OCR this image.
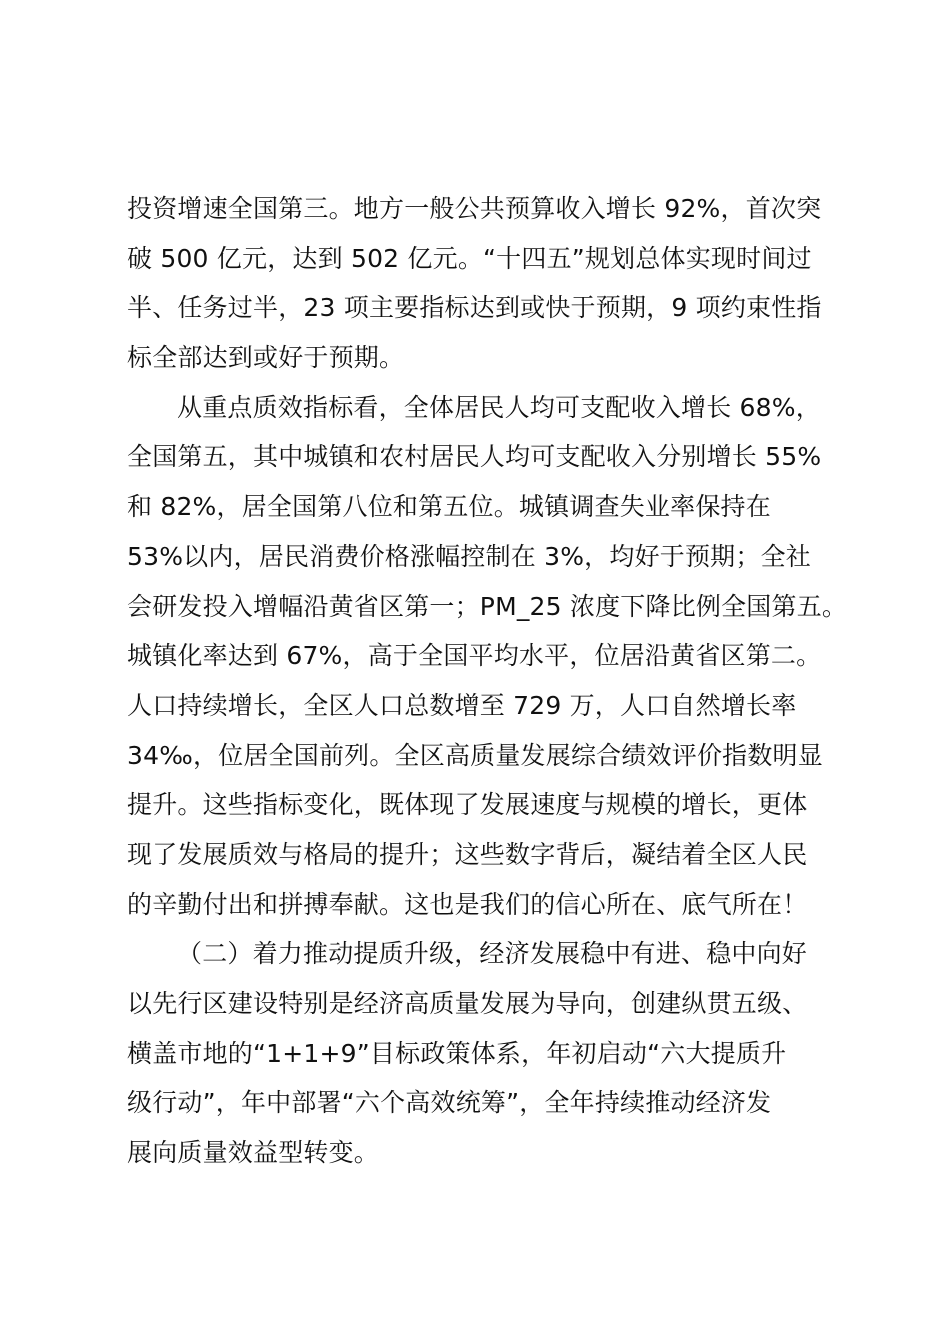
投资增速全国第三。地方一般公共预算收入增长 92%，首次突
破 500 亿元，达到 502 亿元。“十四五”规划总体实现时间过
半、任务过半，23 项主要指标达到或快于预期，9 项约束性指
标全部达到或好于预期。
从重点质效指标看，全体居民人均可支配收入增长 68%，
全国第五，其中城镇和农村居民人均可支配收入分别增长 55%
和 82%，居全国第八位和第五位。城镇调查失业率保持在
53%以内，居民消费价格涨幅控制在 3%，均好于预期；全社
会研发投入增幅沿黄省区第一；PM_25 浓度下降比例全国第五。
城镇化率达到 67%，高于全国平均水平，位居沿黄省区第二。
人口持续增长，全区人口总数增至 729 万，人口自然增长率
34‰，位居全国前列。全区高质量发展综合绩效评价指数明显
提升。这些指标变化，既体现了发展速度与规模的增长，更体
现了发展质效与格局的提升；这些数字背后，凝结着全区人民
的辛勤付出和拼搏奉献。这也是我们的信心所在、底气所在！
（二）着力推动提质升级，经济发展稳中有进、稳中向好
以先行区建设特别是经济高质量发展为导向，创建纵贯五级、
横盖市地的“1+1+9”目标政策体系，年初启动“六大提质升
级行动”，年中部署“六个高效统筹”，全年持续推动经济发
展向质量效益型转变。
